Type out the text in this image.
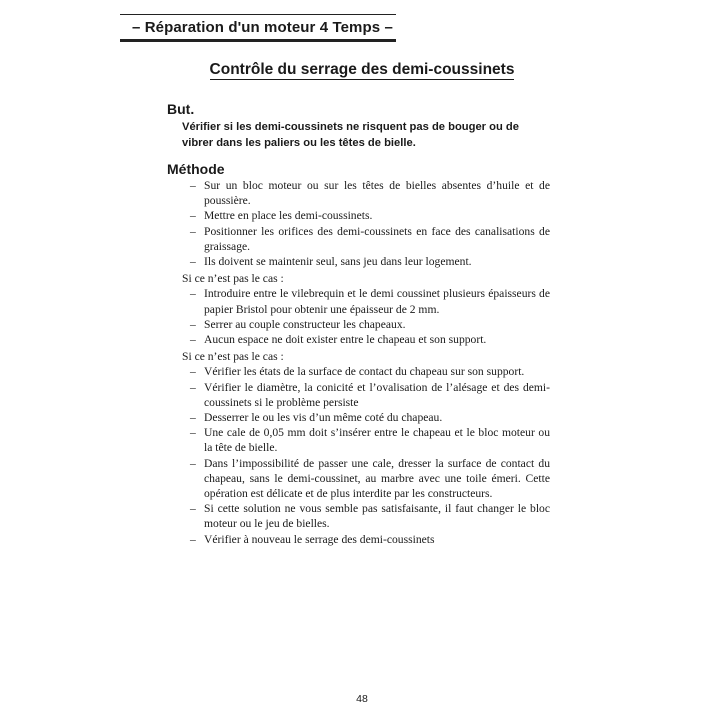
– Réparation d'un moteur 4 Temps –
Contrôle du serrage des demi-coussinets
But.
Vérifier si les demi-coussinets ne risquent pas de bouger ou de vibrer dans les paliers ou les têtes de bielle.
Méthode
– Sur un bloc moteur ou sur les têtes de bielles absentes d’huile et de poussière.
– Mettre en place les demi-coussinets.
– Positionner les orifices des demi-coussinets en face des canalisations de graissage.
– Ils doivent se maintenir seul, sans jeu dans leur logement.
Si ce n’est pas le cas :
– Introduire entre le vilebrequin et le demi coussinet plusieurs épaisseurs de papier Bristol pour obtenir une épaisseur de 2 mm.
– Serrer au couple constructeur les chapeaux.
– Aucun espace ne doit exister entre le chapeau et son support.
Si ce n’est pas le cas :
– Vérifier les états de la surface de contact du chapeau sur son support.
– Vérifier le diamètre, la conicité et l’ovalisation de l’alésage et des demi-coussinets si le problème persiste
– Desserrer le ou les vis d’un même coté du chapeau.
– Une cale de 0,05 mm doit s’insérer entre le chapeau et le bloc moteur ou la tête de bielle.
– Dans l’impossibilité de passer une cale, dresser la surface de contact du chapeau, sans le demi-coussinet, au marbre avec une toile émeri. Cette opération est délicate et de plus interdite par les constructeurs.
– Si cette solution ne vous semble pas satisfaisante, il faut changer le bloc moteur ou le jeu de bielles.
– Vérifier à nouveau le serrage des demi-coussinets
48
